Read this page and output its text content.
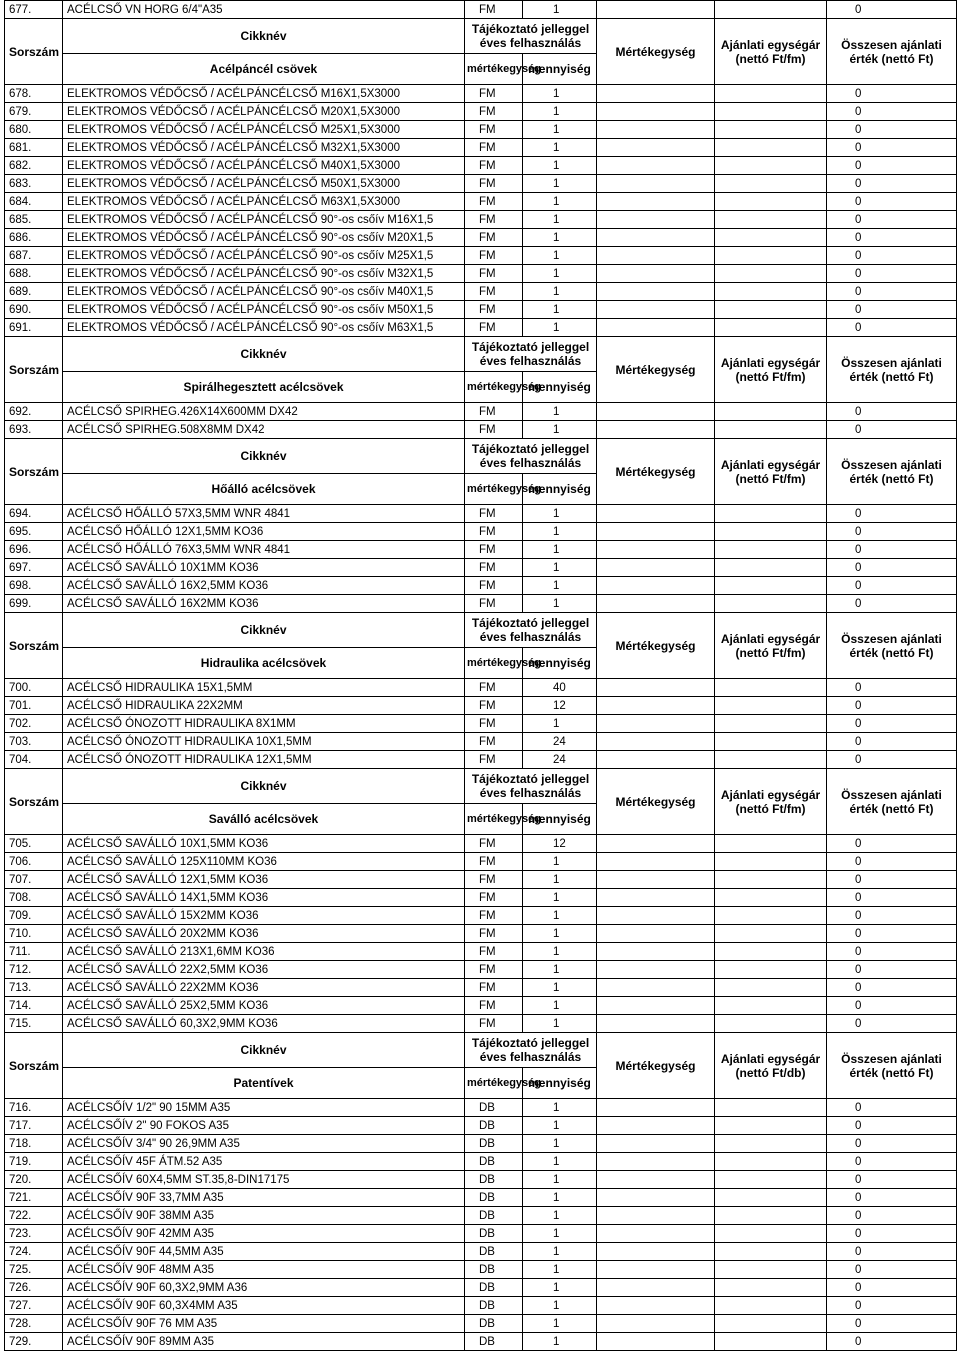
677.	ACÉLCSŐ VN HORG 6/4"A35	FM	1			0
Sorszám	Cikknév	Tájékoztató jelleggel éves felhasználás		Mértékegység	Ajánlati egységár (nettó Ft/fm)	Összesen ajánlati érték (nettó Ft)
	Acélpáncél csövek	mértékegység	mennyiség			
678.	ELEKTROMOS VÉDŐCSŐ / ACÉLPÁNCÉLCSŐ M16X1,5X3000	FM	1			0
679.	ELEKTROMOS VÉDŐCSŐ / ACÉLPÁNCÉLCSŐ M20X1,5X3000	FM	1			0
680.	ELEKTROMOS VÉDŐCSŐ / ACÉLPÁNCÉLCSŐ M25X1,5X3000	FM	1			0
681.	ELEKTROMOS VÉDŐCSŐ / ACÉLPÁNCÉLCSŐ M32X1,5X3000	FM	1			0
682.	ELEKTROMOS VÉDŐCSŐ / ACÉLPÁNCÉLCSŐ M40X1,5X3000	FM	1			0
683.	ELEKTROMOS VÉDŐCSŐ / ACÉLPÁNCÉLCSŐ M50X1,5X3000	FM	1			0
684.	ELEKTROMOS VÉDŐCSŐ / ACÉLPÁNCÉLCSŐ M63X1,5X3000	FM	1			0
685.	ELEKTROMOS VÉDŐCSŐ / ACÉLPÁNCÉLCSŐ 90°-os csőív M16X1,5	FM	1			0
686.	ELEKTROMOS VÉDŐCSŐ / ACÉLPÁNCÉLCSŐ 90°-os csőív M20X1,5	FM	1			0
687.	ELEKTROMOS VÉDŐCSŐ / ACÉLPÁNCÉLCSŐ 90°-os csőív M25X1,5	FM	1			0
688.	ELEKTROMOS VÉDŐCSŐ / ACÉLPÁNCÉLCSŐ 90°-os csőív M32X1,5	FM	1			0
689.	ELEKTROMOS VÉDŐCSŐ / ACÉLPÁNCÉLCSŐ 90°-os csőív M40X1,5	FM	1			0
690.	ELEKTROMOS VÉDŐCSŐ / ACÉLPÁNCÉLCSŐ 90°-os csőív M50X1,5	FM	1			0
691.	ELEKTROMOS VÉDŐCSŐ / ACÉLPÁNCÉLCSŐ 90°-os csőív M63X1,5	FM	1			0
Sorszám	Cikknév	Tájékoztató jelleggel éves felhasználás		Mértékegység	Ajánlati egységár (nettó Ft/fm)	Összesen ajánlati érték (nettó Ft)
	Spirálhegesztett acélcsövek	mértékegység	mennyiség			
692.	ACÉLCSŐ SPIRHEG.426X14X600MM DX42	FM	1			0
693.	ACÉLCSŐ SPIRHEG.508X8MM DX42	FM	1			0
Sorszám	Cikknév	Tájékoztató jelleggel éves felhasználás		Mértékegység	Ajánlati egységár (nettó Ft/fm)	Összesen ajánlati érték (nettó Ft)
	Hőálló acélcsövek	mértékegység	mennyiség			
694.	ACÉLCSŐ HŐÁLLÓ 57X3,5MM WNR 4841	FM	1			0
695.	ACÉLCSŐ HŐÁLLÓ 12X1,5MM KO36	FM	1			0
696.	ACÉLCSŐ HŐÁLLÓ 76X3,5MM WNR 4841	FM	1			0
697.	ACÉLCSŐ SAVÁLLÓ 10X1MM KO36	FM	1			0
698.	ACÉLCSŐ SAVÁLLÓ 16X2,5MM KO36	FM	1			0
699.	ACÉLCSŐ SAVÁLLÓ 16X2MM KO36	FM	1			0
Sorszám	Cikknév	Tájékoztató jelleggel éves felhasználás		Mértékegység	Ajánlati egységár (nettó Ft/fm)	Összesen ajánlati érték (nettó Ft)
	Hidraulika acélcsövek	mértékegység	mennyiség			
700.	ACÉLCSŐ HIDRAULIKA 15X1,5MM	FM	40			0
701.	ACÉLCSŐ HIDRAULIKA 22X2MM	FM	12			0
702.	ACÉLCSŐ ÓNOZOTT HIDRAULIKA 8X1MM	FM	1			0
703.	ACÉLCSŐ ÓNOZOTT HIDRAULIKA 10X1,5MM	FM	24			0
704.	ACÉLCSŐ ÓNOZOTT HIDRAULIKA 12X1,5MM	FM	24			0
Sorszám	Cikknév	Tájékoztató jelleggel éves felhasználás		Mértékegység	Ajánlati egységár (nettó Ft/fm)	Összesen ajánlati érték (nettó Ft)
	Saválló acélcsövek	mértékegység	mennyiség			
705.	ACÉLCSŐ SAVÁLLÓ 10X1,5MM KO36	FM	12			0
706.	ACÉLCSŐ SAVÁLLÓ 125X110MM KO36	FM	1			0
707.	ACÉLCSŐ SAVÁLLÓ 12X1,5MM KO36	FM	1			0
708.	ACÉLCSŐ SAVÁLLÓ 14X1,5MM KO36	FM	1			0
709.	ACÉLCSŐ SAVÁLLÓ 15X2MM KO36	FM	1			0
710.	ACÉLCSŐ SAVÁLLÓ 20X2MM KO36	FM	1			0
711.	ACÉLCSŐ SAVÁLLÓ 213X1,6MM KO36	FM	1			0
712.	ACÉLCSŐ SAVÁLLÓ 22X2,5MM KO36	FM	1			0
713.	ACÉLCSŐ SAVÁLLÓ 22X2MM KO36	FM	1			0
714.	ACÉLCSŐ SAVÁLLÓ 25X2,5MM KO36	FM	1			0
715.	ACÉLCSŐ SAVÁLLÓ 60,3X2,9MM KO36	FM	1			0
Sorszám	Cikknév	Tájékoztató jelleggel éves felhasználás		Mértékegység	Ajánlati egységár (nettó Ft/db)	Összesen ajánlati érték (nettó Ft)
	Patentívek	mértékegység	mennyiség			
716.	ACÉLCSŐÍV 1/2" 90 15MM A35	DB	1			0
717.	ACÉLCSŐÍV 2" 90 FOKOS A35	DB	1			0
718.	ACÉLCSŐÍV 3/4" 90 26,9MM A35	DB	1			0
719.	ACÉLCSŐÍV 45F ÁTM.52 A35	DB	1			0
720.	ACÉLCSŐÍV 60X4,5MM ST.35,8-DIN17175	DB	1			0
721.	ACÉLCSŐÍV 90F 33,7MM A35	DB	1			0
722.	ACÉLCSŐÍV 90F 38MM A35	DB	1			0
723.	ACÉLCSŐÍV 90F 42MM A35	DB	1			0
724.	ACÉLCSŐÍV 90F 44,5MM A35	DB	1			0
725.	ACÉLCSŐÍV 90F 48MM A35	DB	1			0
726.	ACÉLCSŐÍV 90F 60,3X2,9MM A36	DB	1			0
727.	ACÉLCSŐÍV 90F 60,3X4MM A35	DB	1			0
728.	ACÉLCSŐÍV 90F 76 MM A35	DB	1			0
729.	ACÉLCSŐÍV 90F 89MM A35	DB	1			0
